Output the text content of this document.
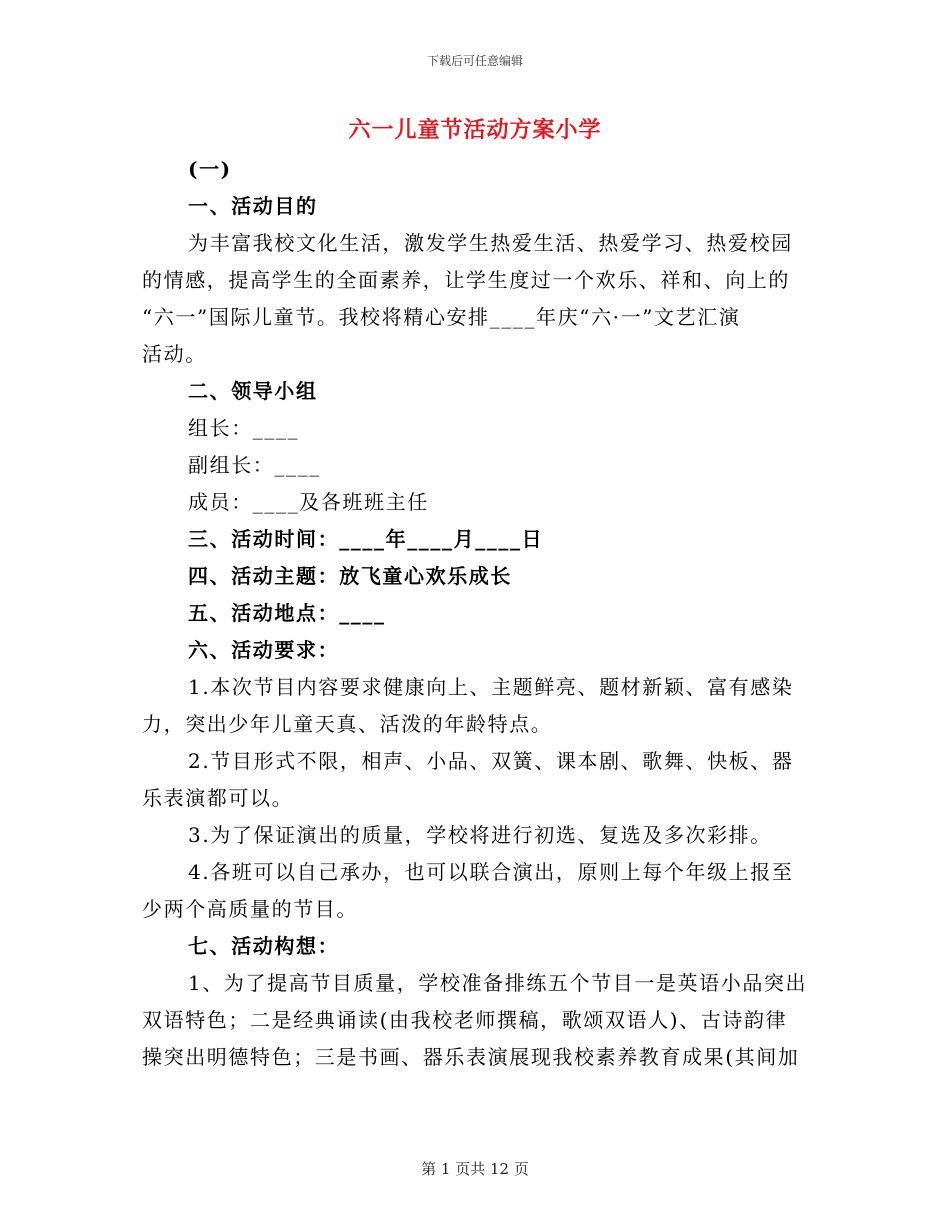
下载后可任意编辑
六一儿童节活动方案小学
(一)
一、活动目的
为丰富我校文化生活，激发学生热爱生活、热爱学习、热爱校园
的情感，提高学生的全面素养，让学生度过一个欢乐、祥和、向上的
“六一”国际儿童节。我校将精心安排____年庆“六·一”文艺汇演
活动。
二、领导小组
组长：____
副组长：____
成员：____及各班班主任
三、活动时间：____年____月____日
四、活动主题：放飞童心欢乐成长
五、活动地点：____
六、活动要求：
1.本次节目内容要求健康向上、主题鲜亮、题材新颖、富有感染
力，突出少年儿童天真、活泼的年龄特点。
2.节目形式不限，相声、小品、双簧、课本剧、歌舞、快板、器
乐表演都可以。
3.为了保证演出的质量，学校将进行初选、复选及多次彩排。
4.各班可以自己承办，也可以联合演出，原则上每个年级上报至
少两个高质量的节目。
七、活动构想：
1、为了提高节目质量，学校准备排练五个节目一是英语小品突出
双语特色；二是经典诵读(由我校老师撰稿，歌颂双语人)、古诗韵律
操突出明德特色；三是书画、器乐表演展现我校素养教育成果(其间加
第 1 页共 12 页
